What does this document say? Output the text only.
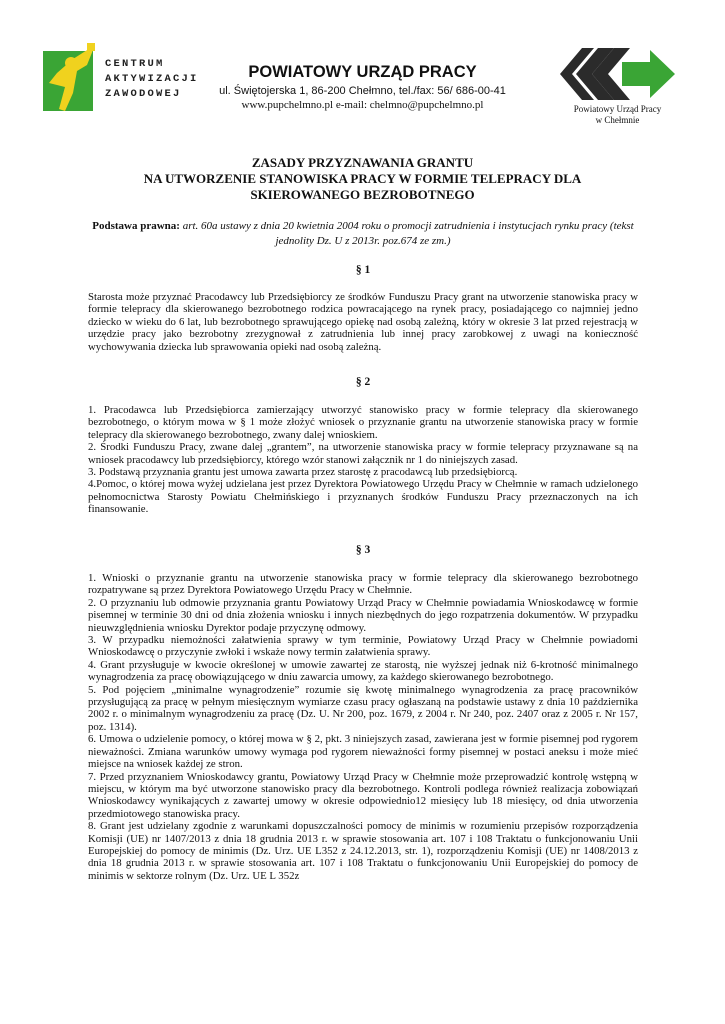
CENTRUM
AKTYWIZACJI
ZAWODOWEJ
POWIATOWY URZĄD PRACY
ul. Świętojerska 1, 86-200 Chełmno, tel./fax: 56/ 686-00-41
www.pupchelmno.pl e-mail: chelmno@pupchelmno.pl	Powiatowy Urząd Pracy
w Chełmnie
ZASADY PRZYZNAWANIA GRANTU
NA UTWORZENIE STANOWISKA PRACY W FORMIE TELEPRACY DLA
SKIEROWANEGO BEZROBOTNEGO
Podstawa prawna: art. 60a ustawy z dnia 20 kwietnia 2004 roku o promocji zatrudnienia i instytucjach rynku pracy (tekst jednolity Dz. U z 2013r. poz.674 ze zm.)
§ 1

Starosta może przyznać Pracodawcy lub Przedsiębiorcy ze środków Funduszu Pracy grant na utworzenie stanowiska pracy w formie telepracy dla skierowanego bezrobotnego rodzica powracającego na rynek pracy, posiadającego co najmniej jedno dziecko w wieku do 6 lat, lub bezrobotnego sprawującego opiekę nad osobą zależną, który w okresie 3 lat przed rejestracją w urzędzie pracy jako bezrobotny zrezygnował z zatrudnienia lub innej pracy zarobkowej z uwagi na konieczność wychowywania dziecka lub sprawowania opieki nad osobą zależną.

§ 2

1. Pracodawca lub Przedsiębiorca zamierzający utworzyć stanowisko pracy w formie telepracy dla skierowanego bezrobotnego, o którym mowa w § 1 może złożyć wniosek o przyznanie grantu na utworzenie stanowiska pracy w formie telepracy dla skierowanego bezrobotnego, zwany dalej wnioskiem.

2. Środki Funduszu Pracy, zwane dalej „grantem”, na utworzenie stanowiska pracy w formie telepracy przyznawane są na wniosek pracodawcy lub przedsiębiorcy, którego wzór stanowi załącznik nr 1 do niniejszych zasad.

3. Podstawą przyznania grantu jest umowa zawarta przez starostę z pracodawcą lub przedsiębiorcą.

4.Pomoc, o której mowa wyżej udzielana jest przez Dyrektora Powiatowego Urzędu Pracy w Chełmnie w ramach udzielonego pełnomocnictwa Starosty Powiatu Chełmińskiego i przyznanych środków Funduszu Pracy przeznaczonych na ich finansowanie.

§ 3

1. Wnioski o przyznanie grantu na utworzenie stanowiska pracy w formie telepracy dla skierowanego bezrobotnego rozpatrywane są przez Dyrektora Powiatowego Urzędu Pracy w Chełmnie.

2. O przyznaniu lub odmowie przyznania grantu Powiatowy Urząd Pracy w Chełmnie powiadamia Wnioskodawcę w formie pisemnej w terminie 30 dni od dnia złożenia wniosku i innych niezbędnych do jego rozpatrzenia dokumentów. W przypadku nieuwzględnienia wniosku Dyrektor podaje przyczynę odmowy.

3. W przypadku niemożności załatwienia sprawy w tym terminie, Powiatowy Urząd Pracy w Chełmnie powiadomi Wnioskodawcę o przyczynie zwłoki i wskaże nowy termin załatwienia sprawy.

4. Grant przysługuje w kwocie określonej w umowie zawartej ze starostą, nie wyższej jednak niż 6-krotność minimalnego wynagrodzenia za pracę obowiązującego w dniu zawarcia umowy, za każdego skierowanego bezrobotnego.

5. Pod pojęciem „minimalne wynagrodzenie” rozumie się kwotę minimalnego wynagrodzenia za pracę pracowników przysługującą za pracę w pełnym miesięcznym wymiarze czasu pracy ogłaszaną na podstawie ustawy z dnia 10 października 2002 r. o minimalnym wynagrodzeniu za pracę (Dz. U. Nr 200, poz. 1679, z 2004 r. Nr 240, poz. 2407 oraz z 2005 r. Nr 157, poz. 1314).

6. Umowa o udzielenie pomocy, o której mowa w § 2, pkt. 3 niniejszych zasad, zawierana jest w formie pisemnej pod rygorem nieważności. Zmiana warunków umowy wymaga pod rygorem nieważności formy pisemnej w postaci aneksu i może mieć miejsce na wniosek każdej ze stron.

7. Przed przyznaniem Wnioskodawcy grantu, Powiatowy Urząd Pracy w Chełmnie może przeprowadzić kontrolę wstępną w miejscu, w którym ma być utworzone stanowisko pracy dla bezrobotnego. Kontroli podlega również realizacja zobowiązań Wnioskodawcy wynikających z zawartej umowy w okresie odpowiednio12 miesięcy lub 18 miesięcy, od dnia utworzenia przedmiotowego stanowiska pracy.

8. Grant jest udzielany zgodnie z warunkami dopuszczalności pomocy de minimis w rozumieniu przepisów rozporządzenia Komisji (UE) nr 1407/2013 z dnia 18 grudnia 2013 r. w sprawie stosowania art. 107 i 108 Traktatu o funkcjonowaniu Unii Europejskiej do pomocy de minimis (Dz. Urz. UE L352 z 24.12.2013, str. 1), rozporządzeniu Komisji (UE) nr 1408/2013 z dnia 18 grudnia 2013 r. w sprawie stosowania art. 107 i 108 Traktatu o funkcjonowaniu Unii Europejskiej do pomocy de minimis w sektorze rolnym (Dz. Urz. UE L 352z
